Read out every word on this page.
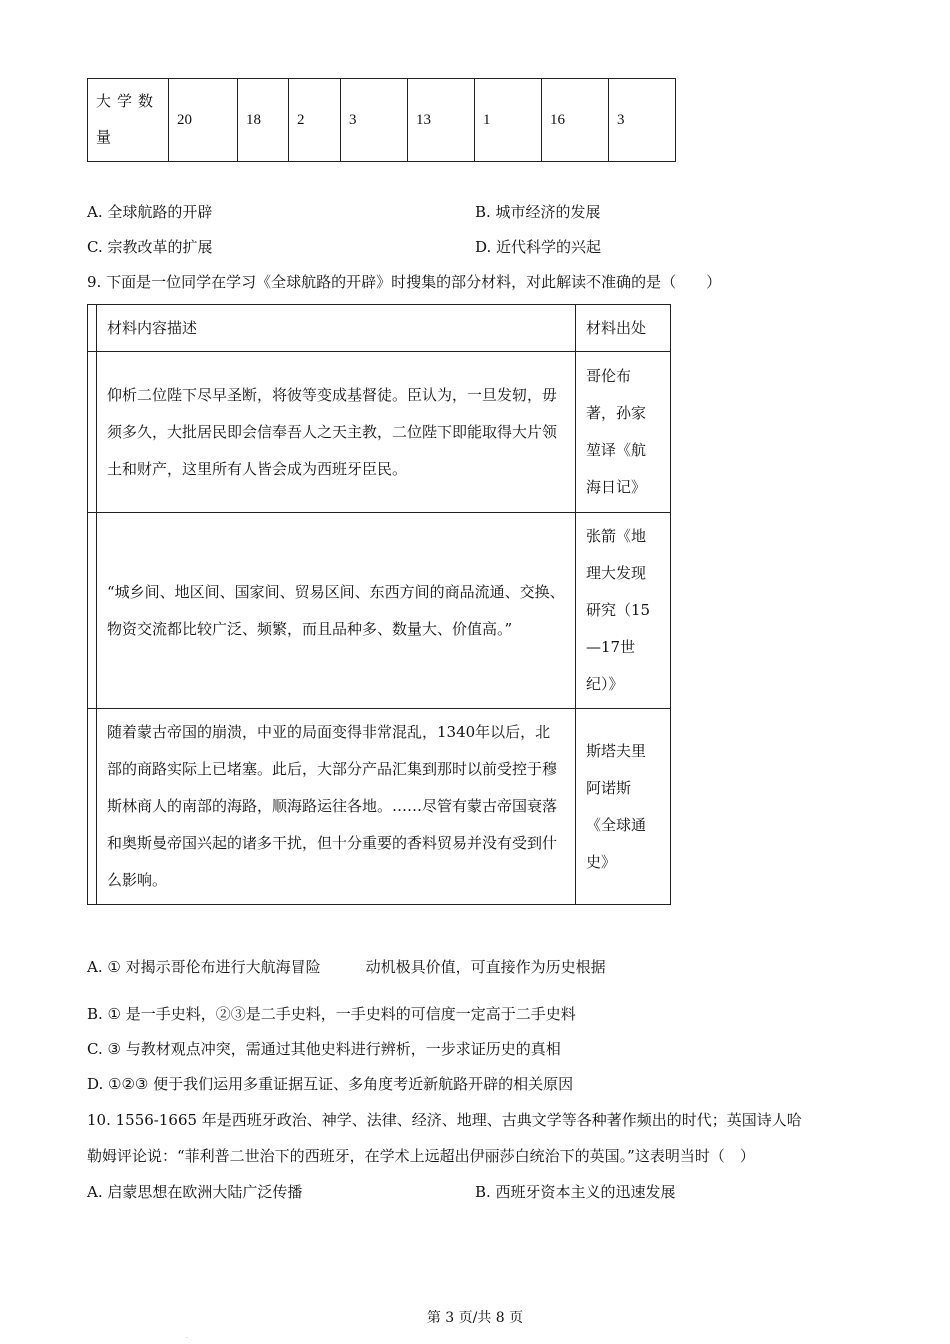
大学数量	20	18	2	3	13	1	16	3
A. 全球航路的开辟	B. 城市经济的发展
C. 宗教改革的扩展	D. 近代科学的兴起
9. 下面是一位同学在学习《全球航路的开辟》时搜集的部分材料，对此解读不准确的是（　　）
	材料内容描述	材料出处
	仰析二位陛下尽早圣断，将彼等变成基督徒。臣认为，一旦发轫，毋须多久，大批居民即会信奉吾人之天主教，二位陛下即能取得大片领土和财产，这里所有人皆会成为西班牙臣民。	哥伦布著，孙家堃译《航海日记》
	“城乡间、地区间、国家间、贸易区间、东西方间的商品流通、交换、物资交流都比较广泛、频繁，而且品种多、数量大、价值高。”	张箭《地理大发现研究（15—17世纪）》
	随着蒙古帝国的崩溃，中亚的局面变得非常混乱，1340年以后，北部的商路实际上已堵塞。此后，大部分产品汇集到那时以前受控于穆斯林商人的南部的海路，顺海路运往各地。……尽管有蒙古帝国衰落和奥斯曼帝国兴起的诸多干扰，但十分重要的香料贸易并没有受到什么影响。	斯塔夫里阿诺斯《全球通史》
A. ① 对揭示哥伦布进行大航海冒险　　　动机极具价值，可直接作为历史根据
B. ① 是一手史料，②③是二手史料，一手史料的可信度一定高于二手史料
C. ③ 与教材观点冲突，需通过其他史料进行辨析，一步求证历史的真相
D. ①②③ 便于我们运用多重证据互证、多角度考近新航路开辟的相关原因
10. 1556-1665 年是西班牙政治、神学、法律、经济、地理、古典文学等各种著作频出的时代；英国诗人哈
勒姆评论说：“菲利普二世治下的西班牙，在学术上远超出伊丽莎白统治下的英国。”这表明当时（　）
A. 启蒙思想在欧洲大陆广泛传播	B. 西班牙资本主义的迅速发展
第 3 页/共 8 页
.
